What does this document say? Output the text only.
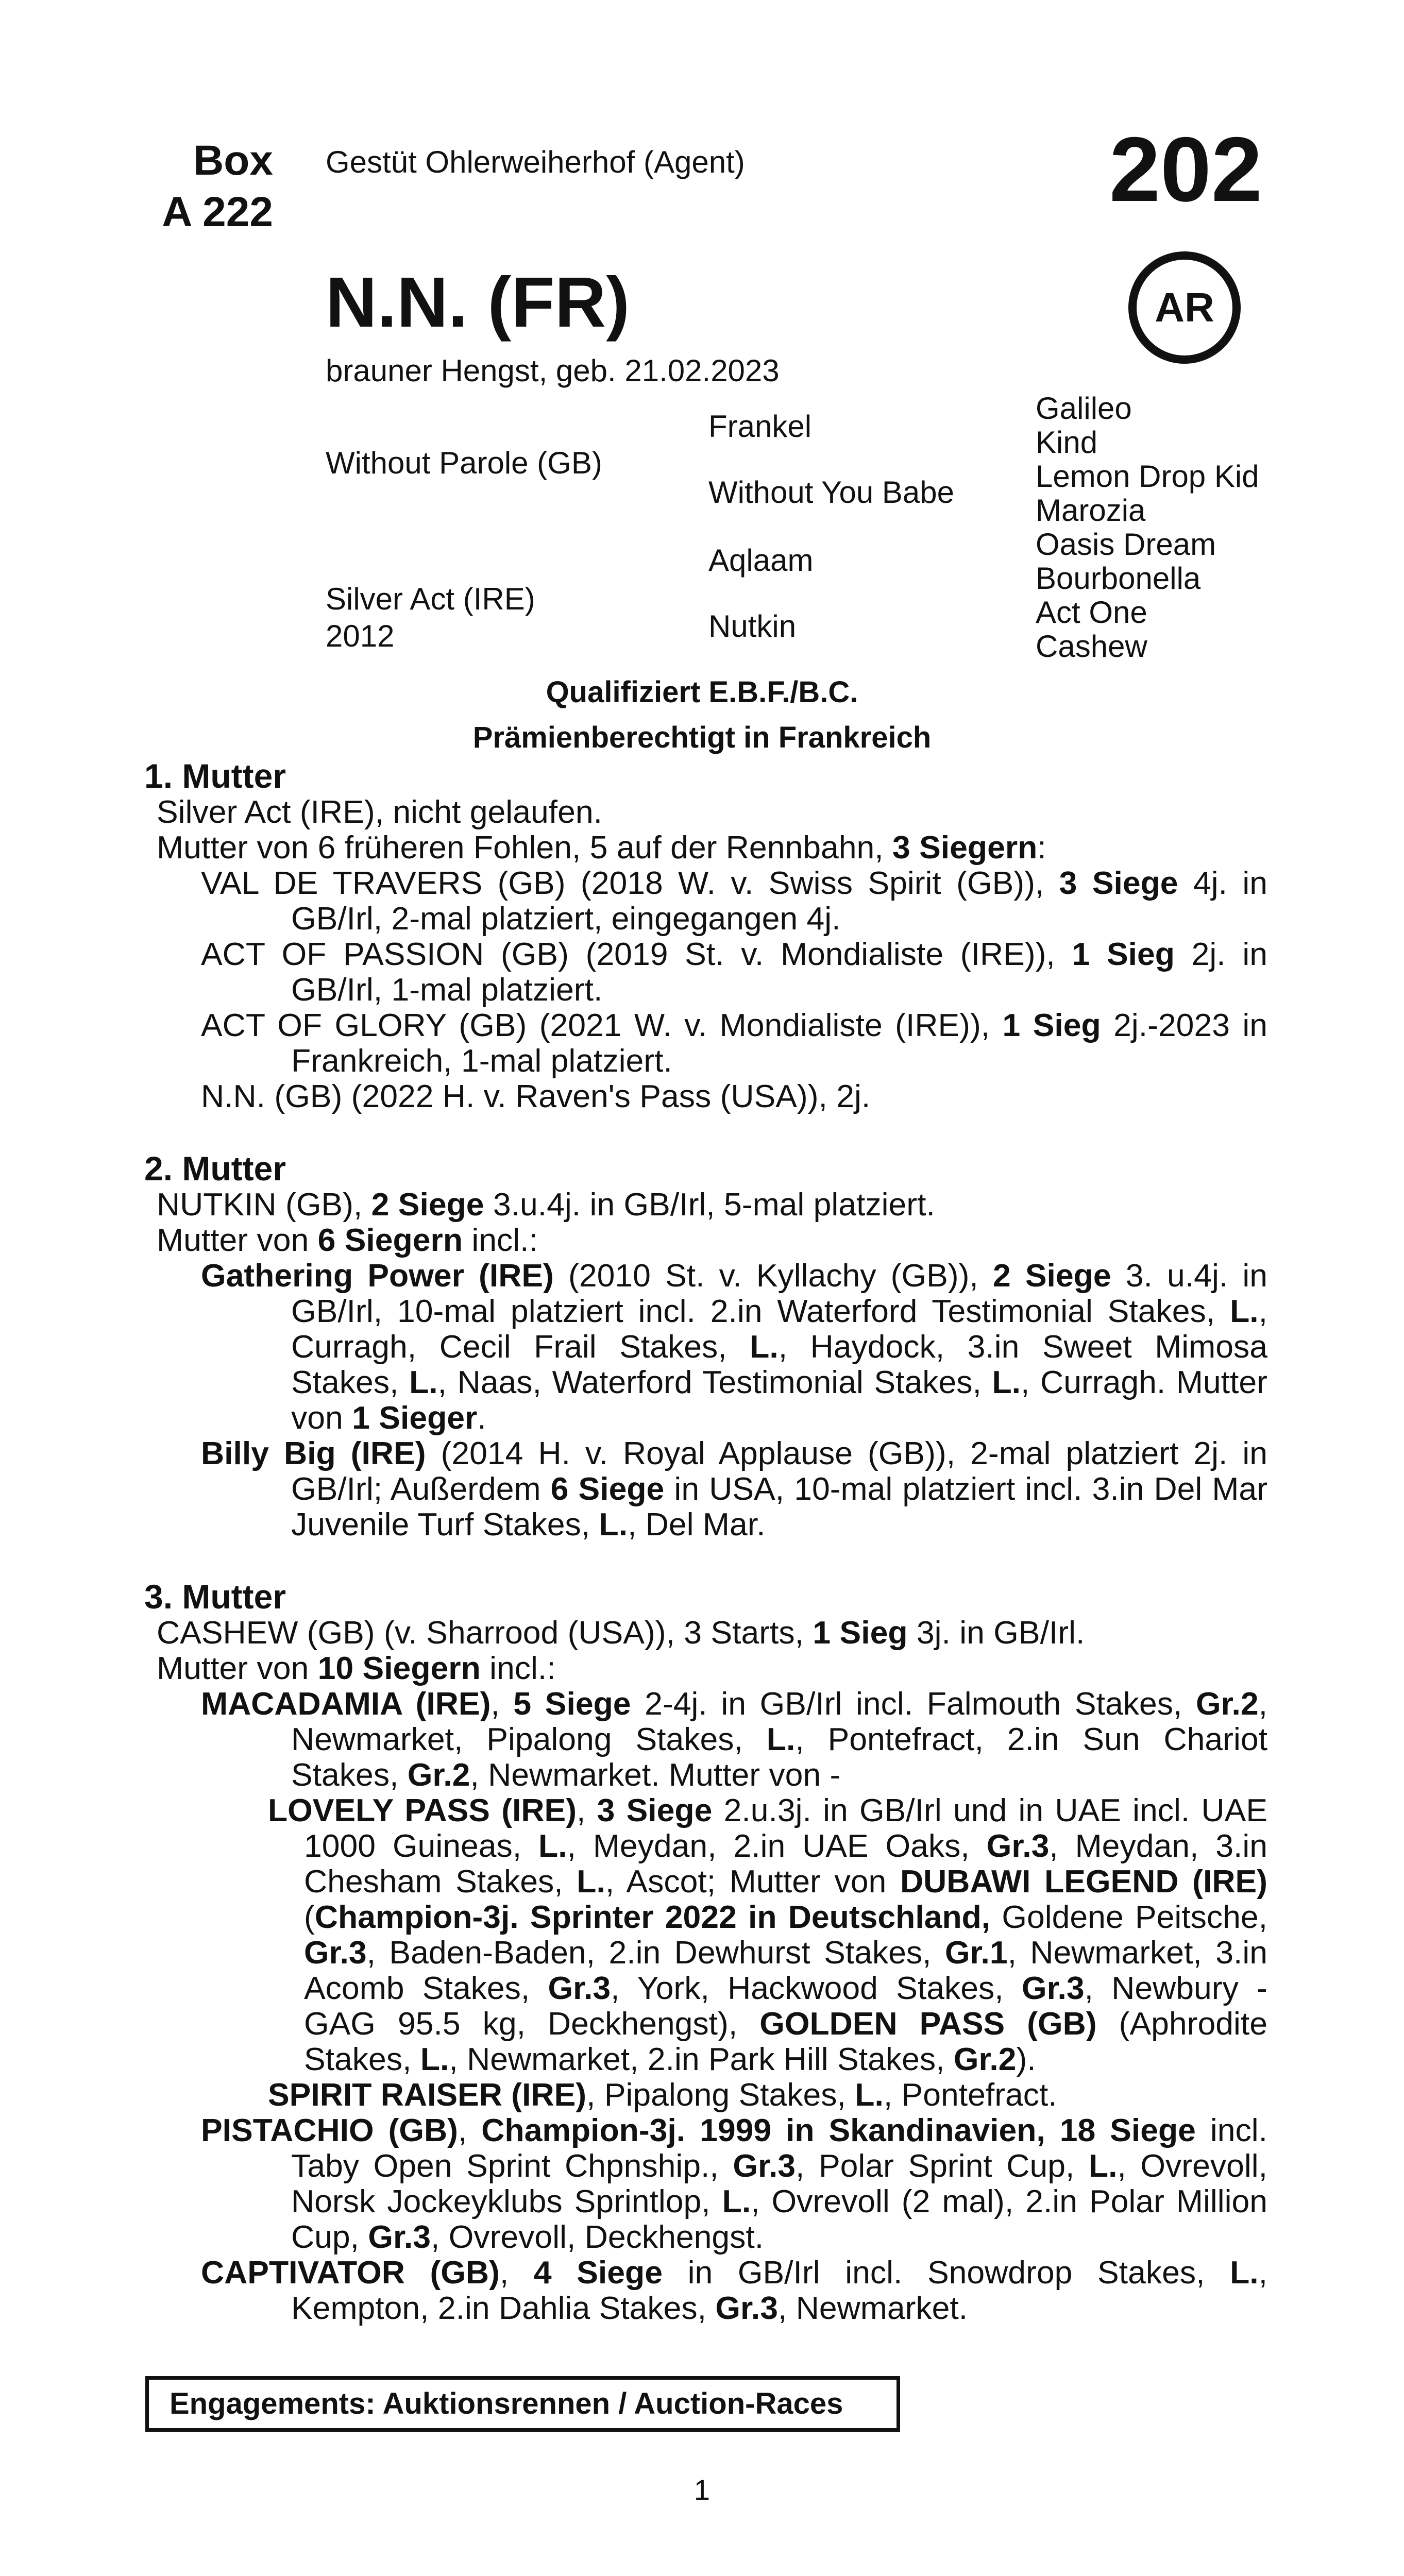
Box
A 222
Gestüt Ohlerweiherhof (Agent)	202
AR
N.N. (FR)
brauner Hengst, geb. 21.02.2023
Without Parole (GB)
Silver Act (IRE)
2012
Frankel
Without You Babe
Aqlaam
Nutkin
Galileo
Kind
Lemon Drop Kid
Marozia
Oasis Dream
Bourbonella
Act One
Cashew
Qualifiziert E.B.F./B.C.
Prämienberechtigt in Frankreich
1. Mutter
Silver Act (IRE), nicht gelaufen.
Mutter von 6 früheren Fohlen, 5 auf der Rennbahn, 3 Siegern:
VAL DE TRAVERS (GB) (2018 W. v. Swiss Spirit (GB)), 3 Siege 4j. in GB/Irl, 2-mal platziert, eingegangen 4j.
ACT OF PASSION (GB) (2019 St. v. Mondialiste (IRE)), 1 Sieg 2j. in GB/Irl, 1-mal platziert.
ACT OF GLORY (GB) (2021 W. v. Mondialiste (IRE)), 1 Sieg 2j.-2023 in Frankreich, 1-mal platziert.
N.N. (GB) (2022 H. v. Raven's Pass (USA)), 2j.
2. Mutter
NUTKIN (GB), 2 Siege 3.u.4j. in GB/Irl, 5-mal platziert.
Mutter von 6 Siegern incl.:
Gathering Power (IRE) (2010 St. v. Kyllachy (GB)), 2 Siege 3. u.4j. in GB/Irl, 10-mal platziert incl. 2.in Waterford Testimonial Stakes, L., Curragh, Cecil Frail Stakes, L., Haydock, 3.in Sweet Mimosa Stakes, L., Naas, Waterford Testimonial Stakes, L., Curragh. Mutter von 1 Sieger.
Billy Big (IRE) (2014 H. v. Royal Applause (GB)), 2-mal platziert 2j. in GB/Irl; Außerdem 6 Siege in USA, 10-mal platziert incl. 3.in Del Mar Juvenile Turf Stakes, L., Del Mar.
3. Mutter
CASHEW (GB) (v. Sharrood (USA)), 3 Starts, 1 Sieg 3j. in GB/Irl.
Mutter von 10 Siegern incl.:
MACADAMIA (IRE), 5 Siege 2-4j. in GB/Irl incl. Falmouth Stakes, Gr.2, Newmarket, Pipalong Stakes, L., Pontefract, 2.in Sun Chariot Stakes, Gr.2, Newmarket. Mutter von -
LOVELY PASS (IRE), 3 Siege 2.u.3j. in GB/Irl und in UAE incl. UAE 1000 Guineas, L., Meydan, 2.in UAE Oaks, Gr.3, Meydan, 3.in Chesham Stakes, L., Ascot; Mutter von DUBAWI LEGEND (IRE) (Champion-3j. Sprinter 2022 in Deutschland, Goldene Peitsche, Gr.3, Baden-Baden, 2.in Dewhurst Stakes, Gr.1, Newmarket, 3.in Acomb Stakes, Gr.3, York, Hackwood Stakes, Gr.3, Newbury - GAG 95.5 kg, Deckhengst), GOLDEN PASS (GB) (Aphrodite Stakes, L., Newmarket, 2.in Park Hill Stakes, Gr.2).
SPIRIT RAISER (IRE), Pipalong Stakes, L., Pontefract.
PISTACHIO (GB), Champion-3j. 1999 in Skandinavien, 18 Siege incl. Taby Open Sprint Chpnship., Gr.3, Polar Sprint Cup, L., Ovrevoll, Norsk Jockeyklubs Sprintlop, L., Ovrevoll (2 mal), 2.in Polar Million Cup, Gr.3, Ovrevoll, Deckhengst.
CAPTIVATOR (GB), 4 Siege in GB/Irl incl. Snowdrop Stakes, L., Kempton, 2.in Dahlia Stakes, Gr.3, Newmarket.
Engagements: Auktionsrennen / Auction-Races
1
